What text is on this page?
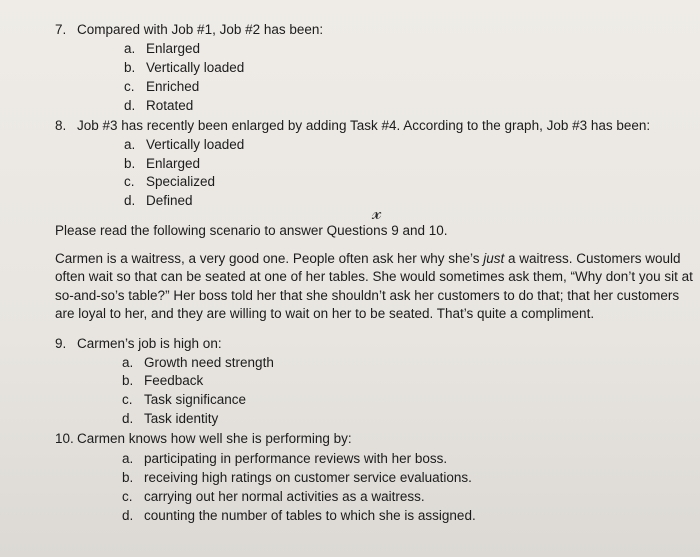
7. Compared with Job #1, Job #2 has been:
a. Enlarged
b. Vertically loaded
c. Enriched
d. Rotated
8. Job #3 has recently been enlarged by adding Task #4. According to the graph, Job #3 has been:
a. Vertically loaded
b. Enlarged
c. Specialized
d. Defined
Please read the following scenario to answer Questions 9 and 10.
𝓍
Carmen is a waitress, a very good one. People often ask her why she’s just a waitress. Customers would
often wait so that can be seated at one of her tables. She would sometimes ask them, “Why don’t you sit at
so-and-so’s table?” Her boss told her that she shouldn’t ask her customers to do that; that her customers
are loyal to her, and they are willing to wait on her to be seated. That’s quite a compliment.
9. Carmen’s job is high on:
a. Growth need strength
b. Feedback
c. Task significance
d. Task identity
10. Carmen knows how well she is performing by:
a. participating in performance reviews with her boss.
b. receiving high ratings on customer service evaluations.
c. carrying out her normal activities as a waitress.
d. counting the number of tables to which she is assigned.
